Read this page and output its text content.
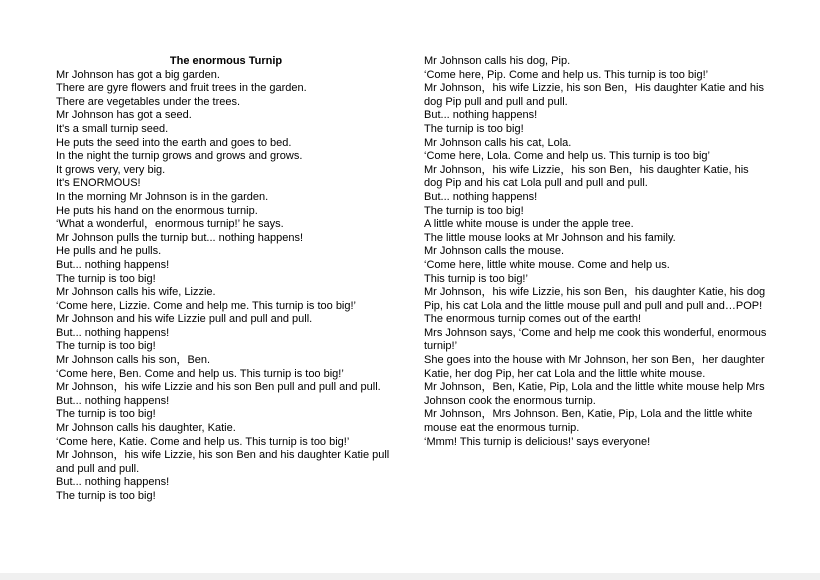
The enormous Turnip
Mr Johnson has got a big garden.
There are gyre flowers and fruit trees in the garden.
There are vegetables under the trees.
Mr Johnson has got a seed.
It's a small turnip seed.
He puts the seed into the earth and goes to bed.
In the night the turnip grows and grows and grows.
It grows very, very big.
It's ENORMOUS!
In the morning Mr Johnson is in the garden.
He puts his hand on the enormous turnip.
‘What a wonderful，enormous turnip!’ he says.
Mr Johnson pulls the turnip but... nothing happens!
He pulls and he pulls.
But... nothing happens!
The turnip is too big!
Mr Johnson calls his wife, Lizzie.
‘Come here, Lizzie. Come and help me. This turnip is too big!’
Mr Johnson and his wife Lizzie pull and pull and pull.
But... nothing happens!
The turnip is too big!
Mr Johnson calls his son，Ben.
‘Come here, Ben. Come and help us. This turnip is too big!’
Mr Johnson，his wife Lizzie and his son Ben pull and pull and pull.
But... nothing happens!
The turnip is too big!
Mr Johnson calls his daughter, Katie.
‘Come here, Katie. Come and help us. This turnip is too big!’
Mr Johnson，his wife Lizzie, his son Ben and his daughter Katie pull and pull and pull.
But... nothing happens!
The turnip is too big!
Mr Johnson calls his dog, Pip.
‘Come here, Pip. Come and help us. This turnip is too big!’
Mr Johnson，his wife Lizzie, his son Ben，His daughter Katie and his dog Pip pull and pull and pull.
But... nothing happens!
The turnip is too big!
Mr Johnson calls his cat, Lola.
‘Come here, Lola. Come and help us. This turnip is too big’
Mr Johnson，his wife Lizzie，his son Ben，his daughter Katie, his dog Pip and his cat Lola pull and pull and pull.
But... nothing happens!
The turnip is too big!
A little white mouse is under the apple tree.
The little mouse looks at Mr Johnson and his family.
Mr Johnson calls the mouse.
‘Come here, little white mouse. Come and help us.
This turnip is too big!’
Mr Johnson，his wife Lizzie, his son Ben，his daughter Katie, his dog Pip, his cat Lola and the little mouse pull and pull and pull and…POP!
The enormous turnip comes out of the earth!
Mrs Johnson says, ‘Come and help me cook this wonderful, enormous turnip!’
She goes into the house with Mr Johnson, her son Ben，her daughter Katie, her dog Pip, her cat Lola and the little white mouse.
Mr Johnson，Ben, Katie, Pip, Lola and the little white mouse help Mrs Johnson cook the enormous turnip.
Mr Johnson，Mrs Johnson. Ben, Katie, Pip, Lola and the little white mouse eat the enormous turnip.
‘Mmm! This turnip is delicious!’ says everyone!
